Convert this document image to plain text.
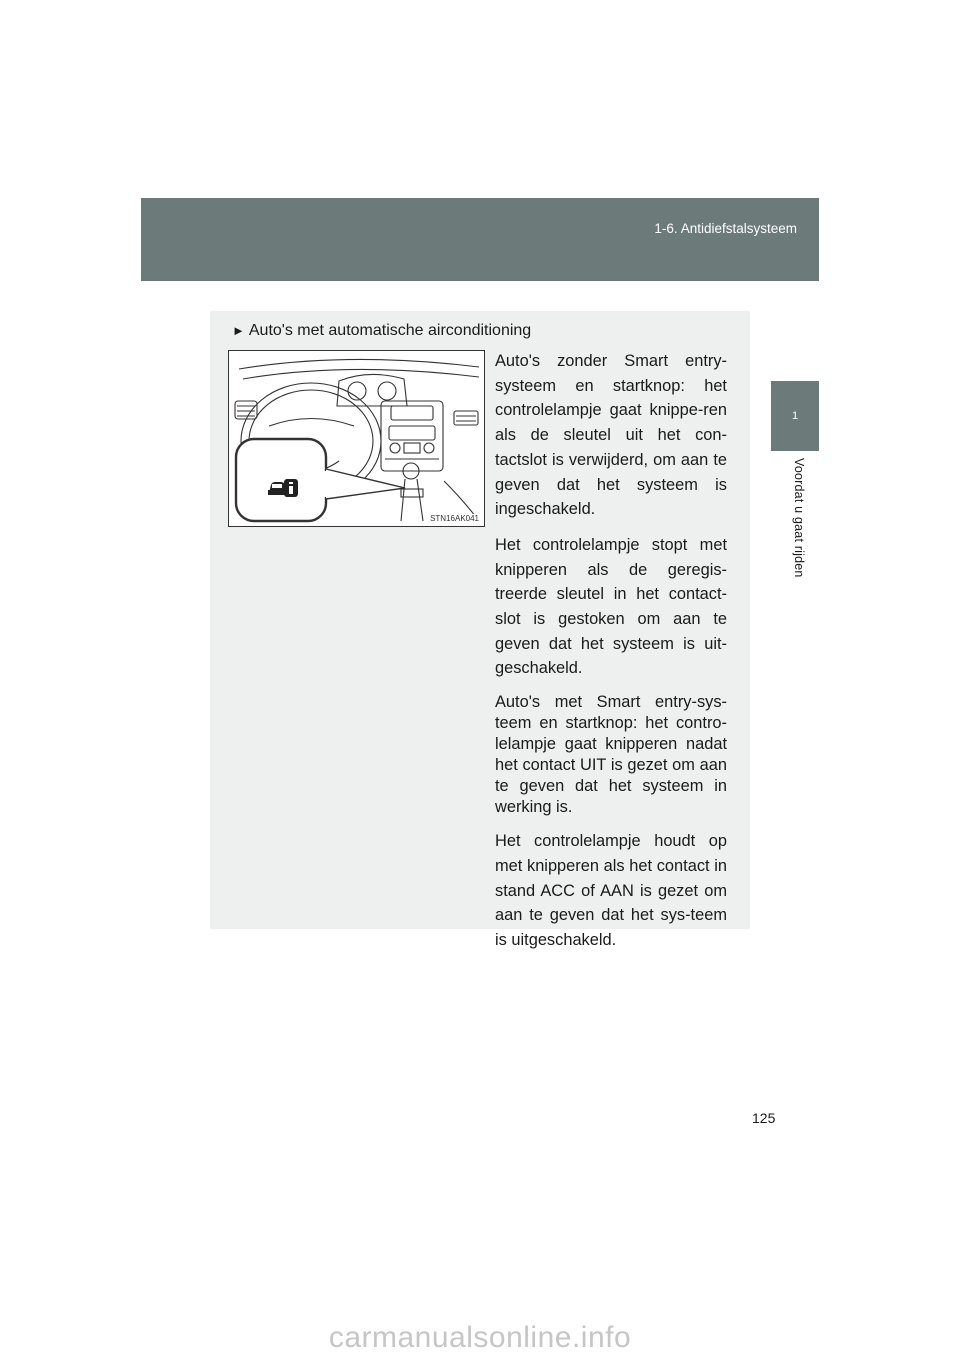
1-6. Antidiefstalsysteem
1
Voordat u gaat rijden
► Auto's met automatische airconditioning
STN16AK041

Auto's zonder Smart entry-systeem en startknop: het controlelampje gaat knippe-ren als de sleutel uit het con-tactslot is verwijderd, om aan te geven dat het systeem is ingeschakeld.

Het controlelampje stopt met knipperen als de geregis-treerde sleutel in het contact-slot is gestoken om aan te geven dat het systeem is uit-geschakeld.

Auto's met Smart entry-sys-teem en startknop: het contro-lelampje gaat knipperen nadat het contact UIT is gezet om aan te geven dat het systeem in werking is.

Het controlelampje houdt op met knipperen als het contact in stand ACC of AAN is gezet om aan te geven dat het sys-teem is uitgeschakeld.

125
carmanualsonline.info
